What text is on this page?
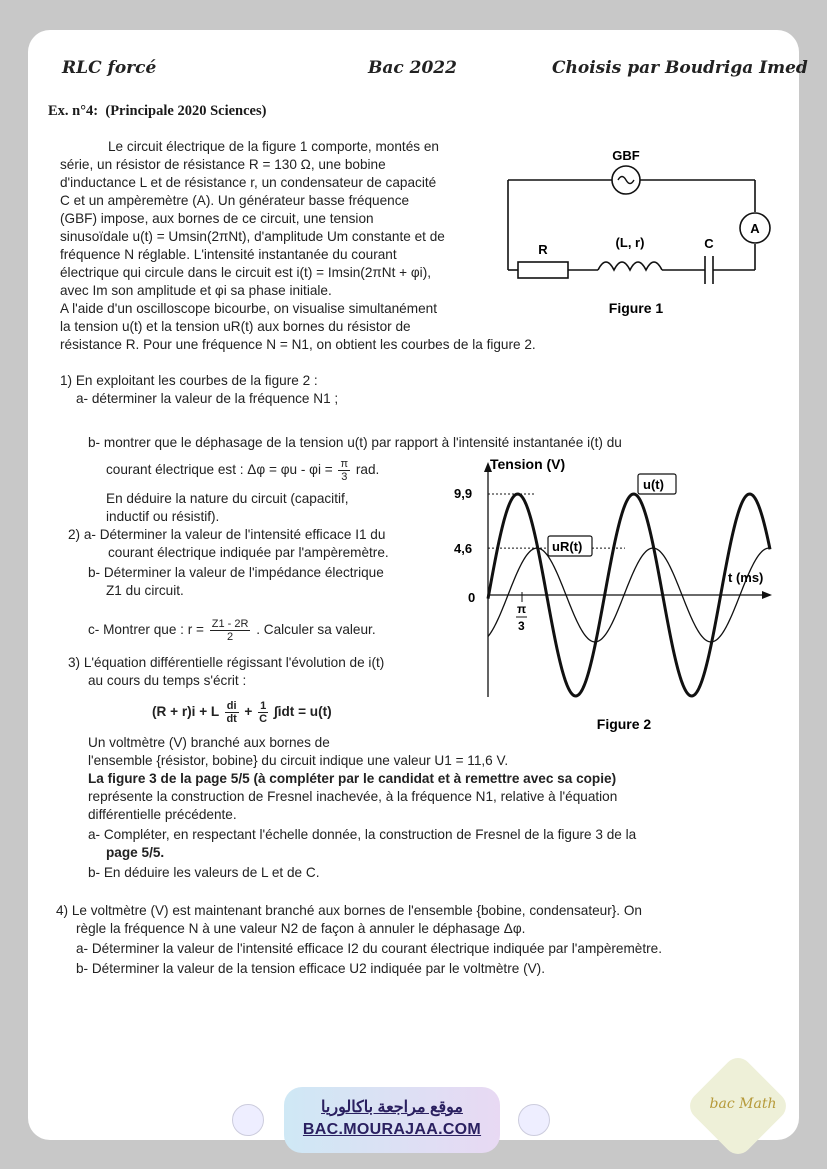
RLC forcé	Bac 2022	Choisis par Boudriga Imed
Ex. n°4: (Principale 2020 Sciences)
Le circuit électrique de la figure 1 comporte, montés en
série, un résistor de résistance R = 130 Ω, une bobine
d'inductance L et de résistance r, un condensateur de capacité
C et un ampèremètre (A). Un générateur basse fréquence
(GBF) impose, aux bornes de ce circuit, une tension
sinusoïdale u(t) = Umsin(2πNt), d'amplitude Um constante et de
fréquence N réglable. L'intensité instantanée du courant
électrique qui circule dans le circuit est i(t) = Imsin(2πNt + φi),
avec Im son amplitude et φi sa phase initiale.
A l'aide d'un oscilloscope bicourbe, on visualise simultanément
la tension u(t) et la tension uR(t) aux bornes du résistor de
résistance R. Pour une fréquence N = N1, on obtient les courbes de la figure 2.
GBF
A
R	(L, r)	C
Figure 1
1) En exploitant les courbes de la figure 2 :
a- déterminer la valeur de la fréquence N1 ;
b- montrer que le déphasage de la tension u(t) par rapport à l'intensité instantanée i(t) du
courant électrique est : $\Delta\varphi = \varphi u - \varphi i = \frac{\pi}{3}$ rad.
En déduire la nature du circuit (capacitif,
inductif ou résistif).
2) a- Déterminer la valeur de l'intensité efficace I1 du
courant électrique indiquée par l'ampèremètre.
b- Déterminer la valeur de l'impédance électrique
Z1 du circuit.
c- Montrer que : $r = \frac{Z1 - 2R}{2}$ . Calculer sa valeur.
Tension (V)
t (ms)
0
9,9
4,6
π
3
u(t)
uR(t)
Figure 2
3) L'équation différentielle régissant l'évolution de i(t)
au cours du temps s'écrit :
(R + r)i + L $\frac{di}{dt} + \frac{1}{C} \int idt = u(t)$
Un voltmètre (V) branché aux bornes de
l'ensemble {résistor, bobine} du circuit indique une valeur U1 = 11,6 V.
La figure 3 de la page 5/5 (à compléter par le candidat et à remettre avec sa copie)
représente la construction de Fresnel inachevée, à la fréquence N1, relative à l'équation
différentielle précédente.
a- Compléter, en respectant l'échelle donnée, la construction de Fresnel de la figure 3 de la
page 5/5.
b- En déduire les valeurs de L et de C.
4) Le voltmètre (V) est maintenant branché aux bornes de l'ensemble {bobine, condensateur}. On
règle la fréquence N à une valeur N2 de façon à annuler le déphasage Δφ.
a- Déterminer la valeur de l'intensité efficace I2 du courant électrique indiquée par l'ampèremètre.
b- Déterminer la valeur de la tension efficace U2 indiquée par le voltmètre (V).
موقع مراجعة باكالوريا
BAC.MOURAJAA.COM
bac Math
